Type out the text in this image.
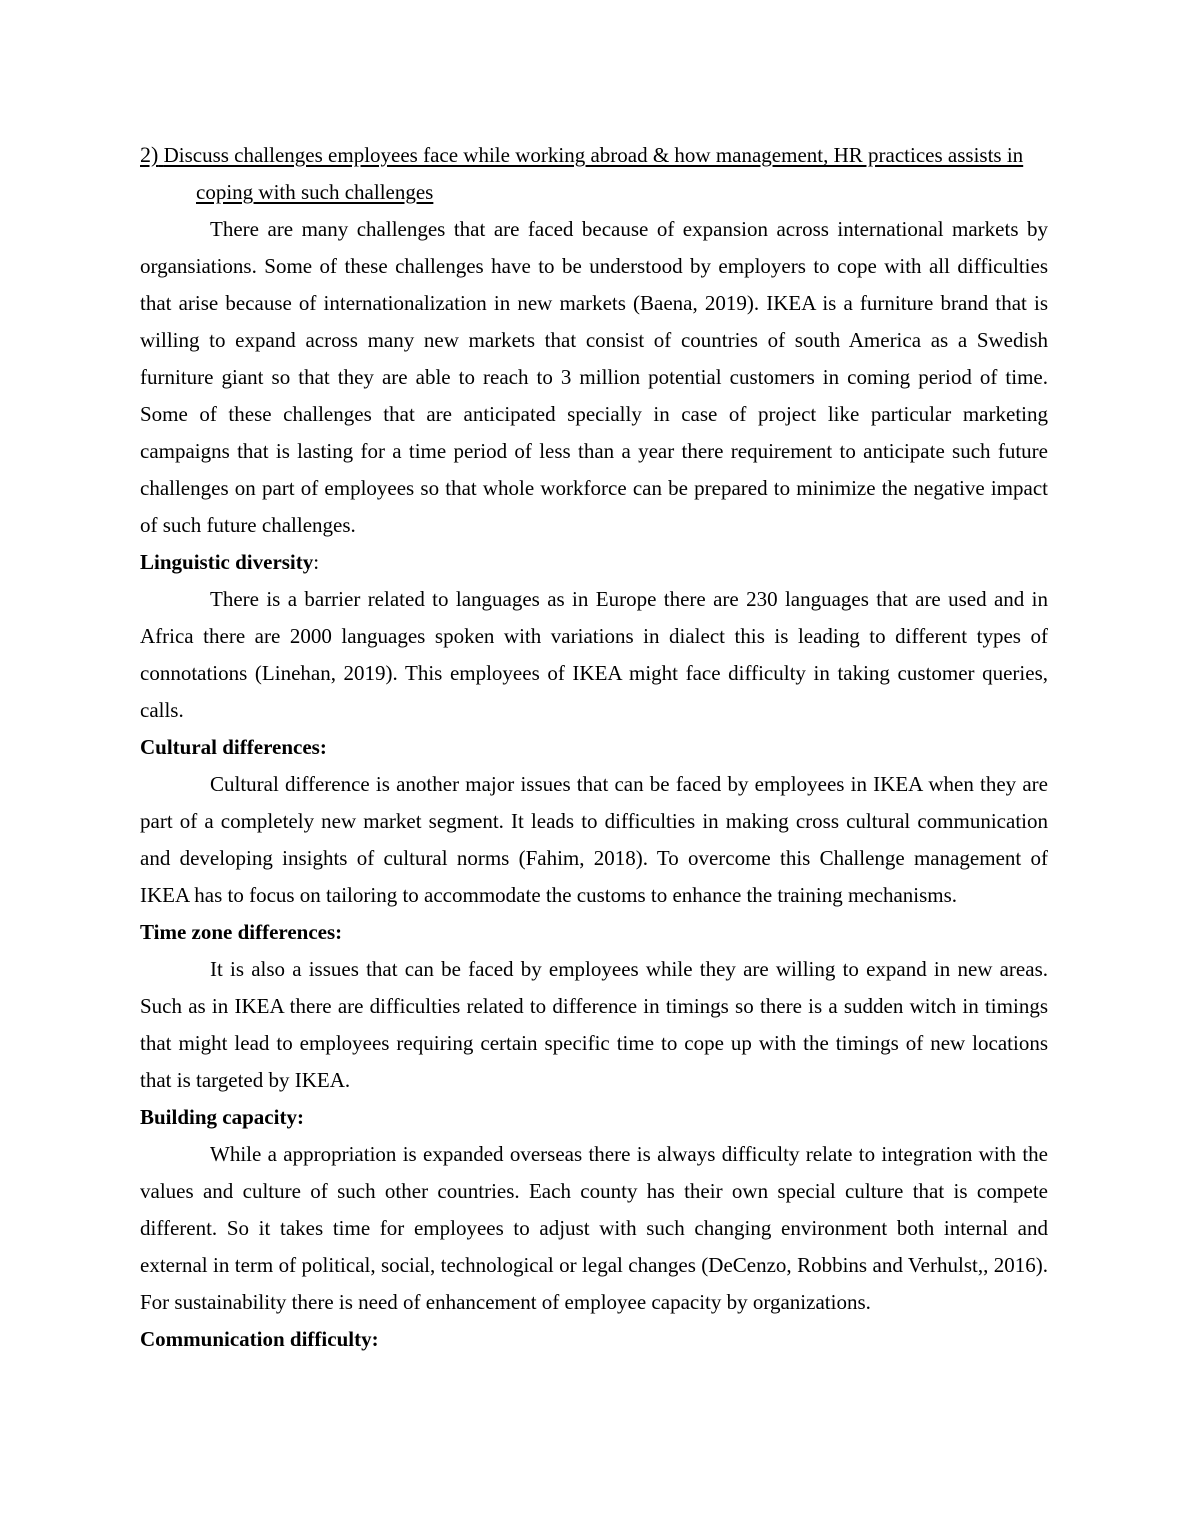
2) Discuss challenges employees face while working abroad & how management, HR practices assists in coping with such challenges

There are many challenges that are faced because of expansion across international markets by organsiations. Some of these challenges have to be understood by employers to cope with all difficulties that arise because of internationalization in new markets (Baena, 2019). IKEA is a furniture brand that is willing to expand across many new markets that consist of countries of south America as a Swedish furniture giant so that they are able to reach to 3 million potential customers in coming period of time. Some of these challenges that are anticipated specially in case of project like particular marketing campaigns that is lasting for a time period of less than a year there requirement to anticipate such future challenges on part of employees so that whole workforce can be prepared to minimize the negative impact of such future challenges.

Linguistic diversity:

There is a barrier related to languages as in Europe there are 230 languages that are used and in Africa there are 2000 languages spoken with variations in dialect this is leading to different types of connotations (Linehan, 2019). This employees of IKEA might face difficulty in taking customer queries, calls.

Cultural differences:

Cultural difference is another major issues that can be faced by employees in IKEA when they are part of a completely new market segment. It leads to difficulties in making cross cultural communication and developing insights of cultural norms (Fahim, 2018). To overcome this Challenge management of IKEA has to focus on tailoring to accommodate the customs to enhance the training mechanisms.

Time zone differences:

It is also a issues that can be faced by employees while they are willing to expand in new areas. Such as in IKEA there are difficulties related to difference in timings so there is a sudden witch in timings that might lead to employees requiring certain specific time to cope up with the timings of new locations that is targeted by IKEA.

Building capacity:

While a appropriation is expanded overseas there is always difficulty relate to integration with the values and culture of such other countries. Each county has their own special culture that is compete different. So it takes time for employees to adjust with such changing environment both internal and external in term of political, social, technological or legal changes (DeCenzo, Robbins and Verhulst,, 2016). For sustainability there is need of enhancement of employee capacity by organizations.

Communication difficulty:
